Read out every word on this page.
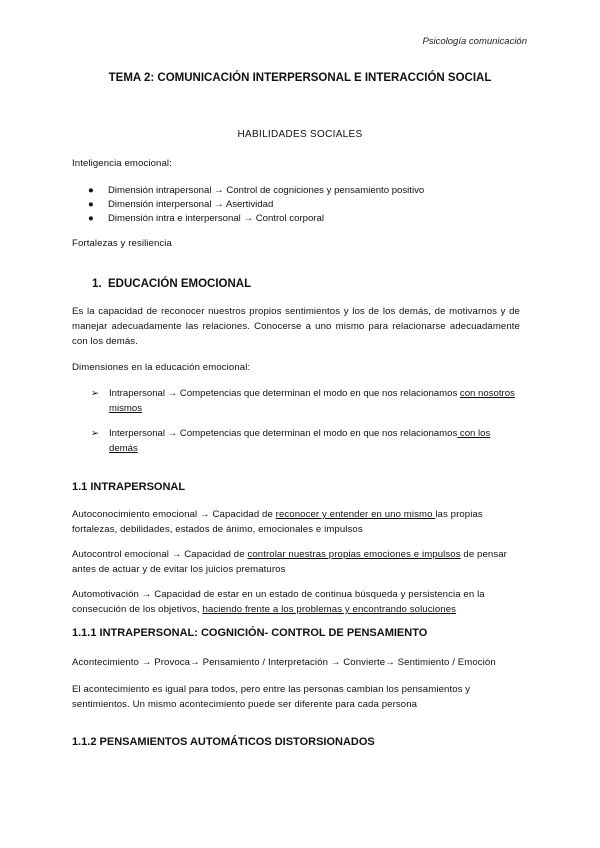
Psicología comunicación
TEMA 2: COMUNICACIÓN INTERPERSONAL E INTERACCIÓN SOCIAL
HABILIDADES SOCIALES
Inteligencia emocional:
● Dimensión intrapersonal → Control de cogniciones y pensamiento positivo
● Dimensión interpersonal → Asertividad
● Dimensión intra e interpersonal → Control corporal
Fortalezas y resiliencia
1. EDUCACIÓN EMOCIONAL
Es la capacidad de reconocer nuestros propios sentimientos y los de los demás, de motivarnos y de manejar adecuadamente las relaciones. Conocerse a uno mismo para relacionarse adecuadamente con los demás.
Dimensiones en la educación emocional:
➢ Intrapersonal → Competencias que determinan el modo en que nos relacionamos con nosotros mismos
➢ Interpersonal → Competencias que determinan el modo en que nos relacionamos con los demás
1.1 INTRAPERSONAL
Autoconocimiento emocional → Capacidad de reconocer y entender en uno mismo las propias fortalezas, debilidades, estados de ánimo, emocionales e impulsos
Autocontrol emocional → Capacidad de controlar nuestras propias emociones e impulsos de pensar antes de actuar y de evitar los juicios prematuros
Automotivación → Capacidad de estar en un estado de continua búsqueda y persistencia en la consecución de los objetivos, haciendo frente a los problemas y encontrando soluciones
1.1.1 INTRAPERSONAL: COGNICIÓN- CONTROL DE PENSAMIENTO
Acontecimiento → Provoca→ Pensamiento / Interpretación → Convierte→ Sentimiento / Emoción
El acontecimiento es igual para todos, pero entre las personas cambian los pensamientos y sentimientos. Un mismo acontecimiento puede ser diferente para cada persona
1.1.2 PENSAMIENTOS AUTOMÁTICOS DISTORSIONADOS
